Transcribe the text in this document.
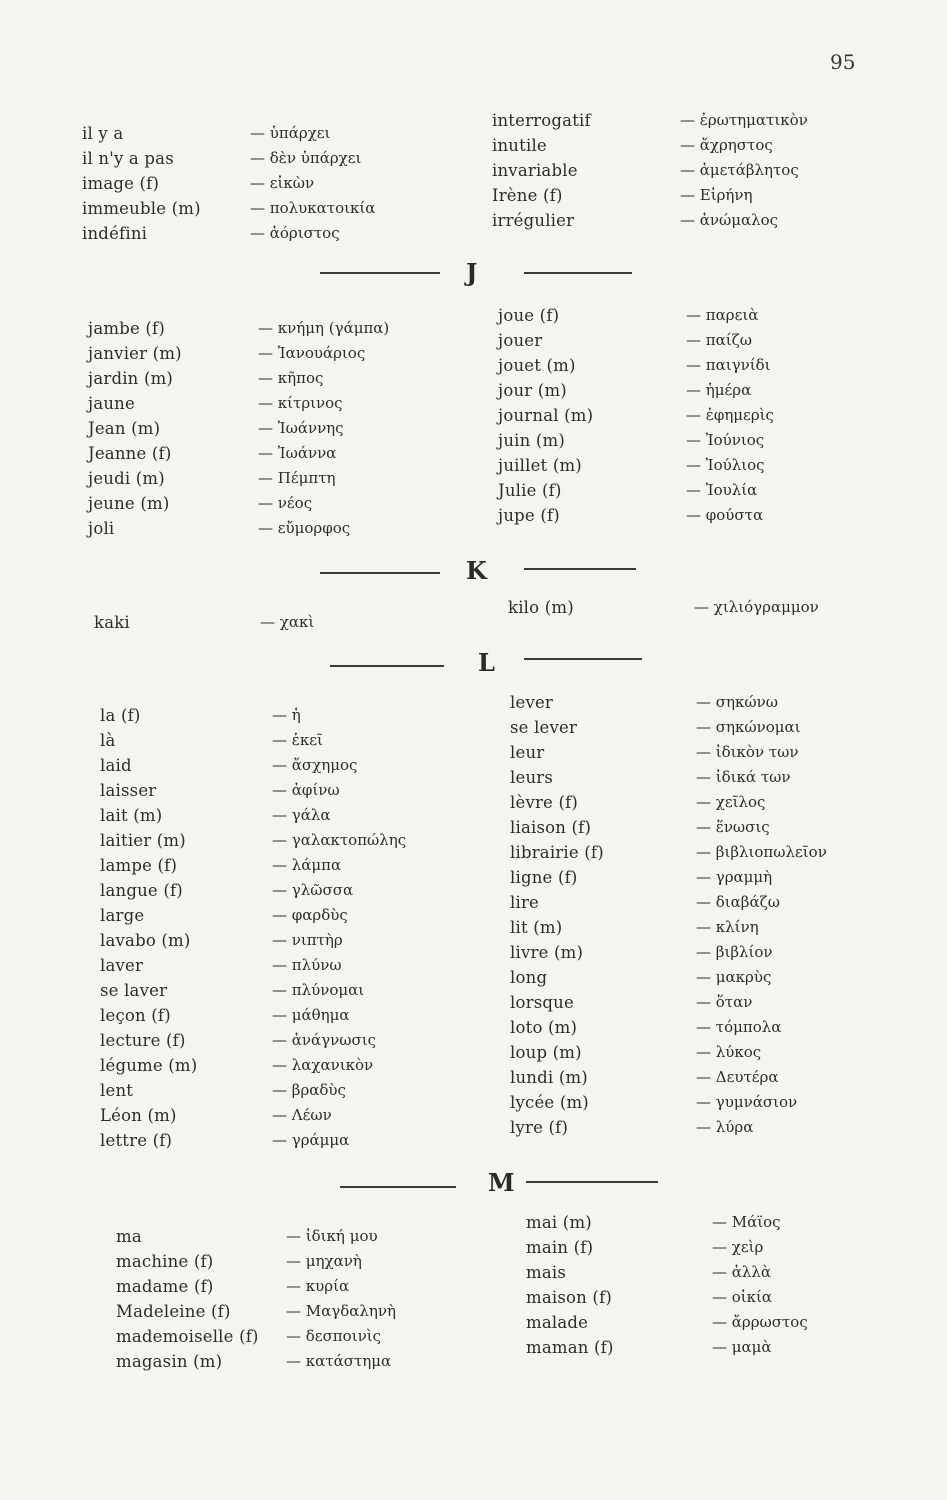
95
il y a	— ὑπάρχει
il n'y a pas	— δὲν ὑπάρχει
image (f)	— εἰκὼν
immeuble (m)	— πολυκατοικία
indéfini	— ἀόριστος
interrogatif	— ἐρωτηματικὸν
inutile	— ἄχρηστος
invariable	— ἀμετάβλητος
Irène (f)	— Εἰρήνη
irrégulier	— ἀνώμαλος
J
jambe (f)	— κνήμη (γάμπα)
janvier (m)	— Ἰανουάριος
jardin (m)	— κῆπος
jaune	— κίτρινος
Jean (m)	— Ἰωάννης
Jeanne (f)	— Ἰωάννα
jeudi (m)	— Πέμπτη
jeune (m)	— νέος
joli	— εὔμορφος
joue (f)	— παρειὰ
jouer	— παίζω
jouet (m)	— παιγνίδι
jour (m)	— ἡμέρα
journal (m)	— ἐφημερὶς
juin (m)	— Ἰούνιος
juillet (m)	— Ἰούλιος
Julie (f)	— Ἰουλία
jupe (f)	— φούστα
K
kaki	— χακὶ
kilo (m)	— χιλιόγραμμον
L
la (f)	— ἡ
là	— ἐκεῖ
laid	— ἄσχημος
laisser	— ἀφίνω
lait (m)	— γάλα
laitier (m)	— γαλακτοπώλης
lampe (f)	— λάμπα
langue (f)	— γλῶσσα
large	— φαρδὺς
lavabo (m)	— νιπτὴρ
laver	— πλύνω
se laver	— πλύνομαι
leçon (f)	— μάθημα
lecture (f)	— ἀνάγνωσις
légume (m)	— λαχανικὸν
lent	— βραδὺς
Léon (m)	— Λέων
lettre (f)	— γράμμα
lever	— σηκώνω
se lever	— σηκώνομαι
leur	— ἰδικὸν των
leurs	— ἰδικά των
lèvre (f)	— χεῖλος
liaison (f)	— ἕνωσις
librairie (f)	— βιβλιοπωλεῖον
ligne (f)	— γραμμὴ
lire	— διαβάζω
lit (m)	— κλίνη
livre (m)	— βιβλίον
long	— μακρὺς
lorsque	— ὅταν
loto (m)	— τόμπολα
loup (m)	— λύκος
lundi (m)	— Δευτέρα
lycée (m)	— γυμνάσιον
lyre (f)	— λύρα
M
ma	— ἰδική μου
machine (f)	— μηχανὴ
madame (f)	— κυρία
Madeleine (f)	— Μαγδαληνὴ
mademoiselle (f) — δεσποινὶς
magasin (m)	— κατάστημα
mai (m)	— Μάϊος
main (f)	— χεὶρ
mais	— ἀλλὰ
maison (f)	— οἰκία
malade	— ἄρρωστος
maman (f)	— μαμὰ
